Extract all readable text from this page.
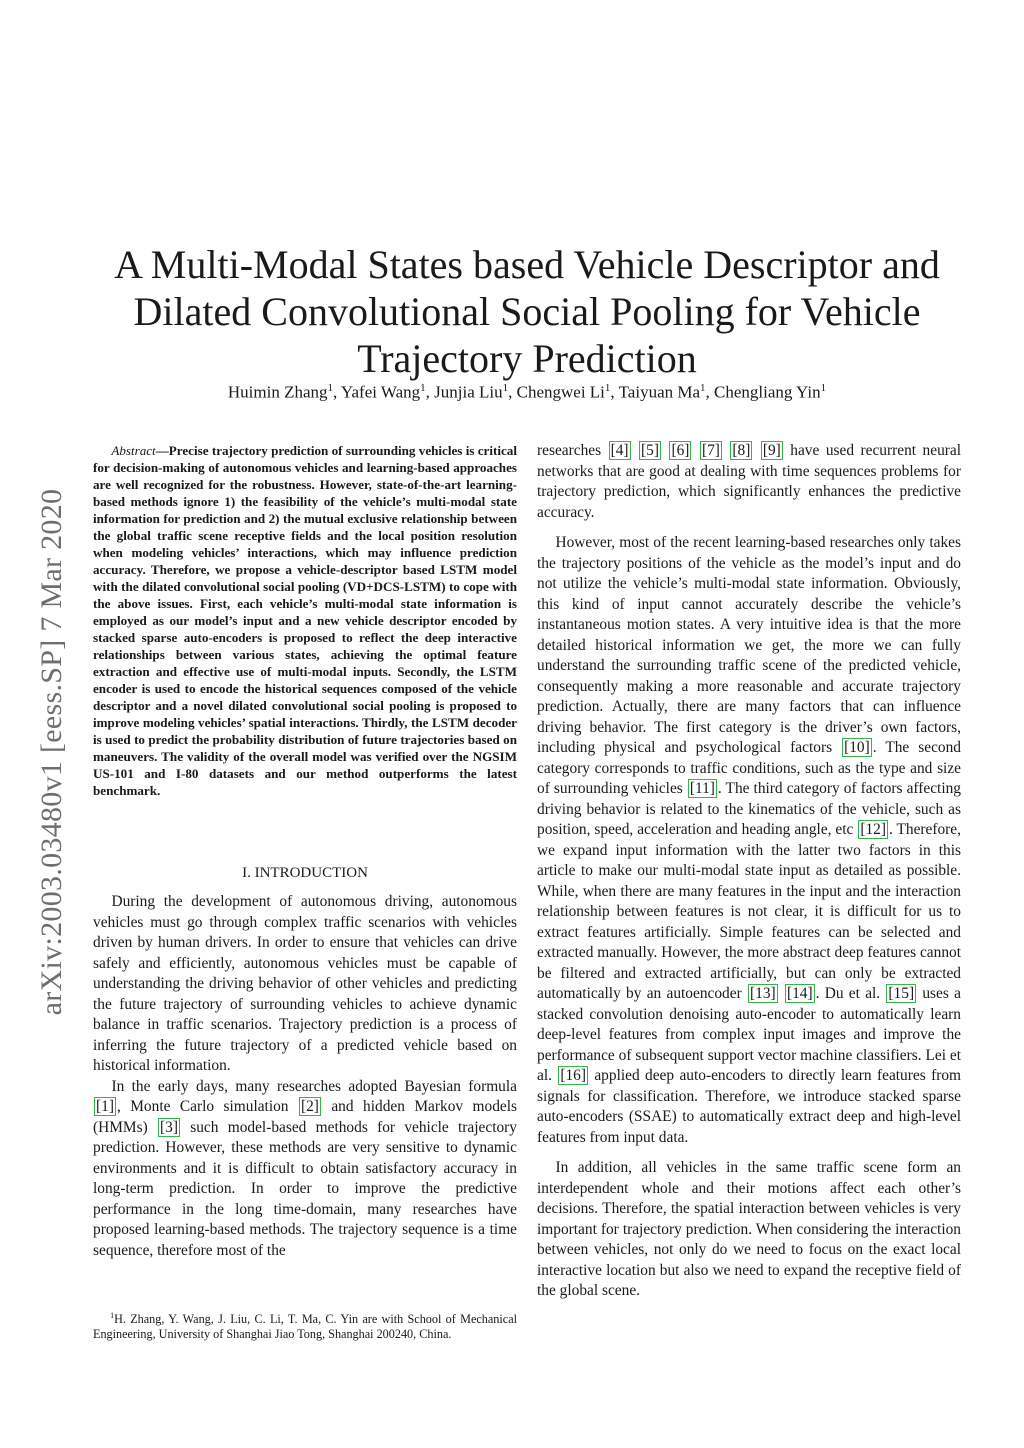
arXiv:2003.03480v1 [eess.SP] 7 Mar 2020
A Multi-Modal States based Vehicle Descriptor and Dilated Convolutional Social Pooling for Vehicle Trajectory Prediction
Huimin Zhang$^1$, Yafei Wang$^1$, Junjia Liu$^1$, Chengwei Li$^1$, Taiyuan Ma$^1$, Chengliang Yin$^1$

Abstract—Precise trajectory prediction of surrounding vehicles is critical for decision-making of autonomous vehicles and learning-based approaches are well recognized for the robustness. However, state-of-the-art learning-based methods ignore 1) the feasibility of the vehicle’s multi-modal state information for prediction and 2) the mutual exclusive relationship between the global traffic scene receptive fields and the local position resolution when modeling vehicles’ interactions, which may influence prediction accuracy. Therefore, we propose a vehicle-descriptor based LSTM model with the dilated convolutional social pooling (VD+DCS-LSTM) to cope with the above issues. First, each vehicle’s multi-modal state information is employed as our model’s input and a new vehicle descriptor encoded by stacked sparse auto-encoders is proposed to reflect the deep interactive relationships between various states, achieving the optimal feature extraction and effective use of multi-modal inputs. Secondly, the LSTM encoder is used to encode the historical sequences composed of the vehicle descriptor and a novel dilated convolutional social pooling is proposed to improve modeling vehicles’ spatial interactions. Thirdly, the LSTM decoder is used to predict the probability distribution of future trajectories based on maneuvers. The validity of the overall model was verified over the NGSIM US-101 and I-80 datasets and our method outperforms the latest benchmark.

I. INTRODUCTION

During the development of autonomous driving, autonomous vehicles must go through complex traffic scenarios with vehicles driven by human drivers. In order to ensure that vehicles can drive safely and efficiently, autonomous vehicles must be capable of understanding the driving behavior of other vehicles and predicting the future trajectory of surrounding vehicles to achieve dynamic balance in traffic scenarios. Trajectory prediction is a process of inferring the future trajectory of a predicted vehicle based on historical information.

In the early days, many researches adopted Bayesian formula [1] , Monte Carlo simulation [2] and hidden Markov models (HMMs) [3] such model-based methods for vehicle trajectory prediction. However, these methods are very sensitive to dynamic environments and it is difficult to obtain satisfactory accuracy in long-term prediction. In order to improve the predictive performance in the long time-domain, many researches have proposed learning-based methods. The trajectory sequence is a time sequence, therefore most of the

$^1$H. Zhang, Y. Wang, J. Liu, C. Li, T. Ma, C. Yin are with School of Mechanical Engineering, University of Shanghai Jiao Tong, Shanghai 200240, China.

researches [4] [5] [6] [7] [8] [9] have used recurrent neural networks that are good at dealing with time sequences problems for trajectory prediction, which significantly enhances the predictive accuracy.

However, most of the recent learning-based researches only takes the trajectory positions of the vehicle as the model’s input and do not utilize the vehicle’s multi-modal state information. Obviously, this kind of input cannot accurately describe the vehicle’s instantaneous motion states. A very intuitive idea is that the more detailed historical information we get, the more we can fully understand the surrounding traffic scene of the predicted vehicle, consequently making a more reasonable and accurate trajectory prediction. Actually, there are many factors that can influence driving behavior. The first category is the driver’s own factors, including physical and psychological factors [10] . The second category corresponds to traffic conditions, such as the type and size of surrounding vehicles [11] . The third category of factors affecting driving behavior is related to the kinematics of the vehicle, such as position, speed, acceleration and heading angle, etc [12] . Therefore, we expand input information with the latter two factors in this article to make our multi-modal state input as detailed as possible. While, when there are many features in the input and the interaction relationship between features is not clear, it is difficult for us to extract features artificially. Simple features can be selected and extracted manually. However, the more abstract deep features cannot be filtered and extracted artificially, but can only be extracted automatically by an autoencoder [13] [14] . Du et al. [15] uses a stacked convolution denoising auto-encoder to automatically learn deep-level features from complex input images and improve the performance of subsequent support vector machine classifiers. Lei et al. [16] applied deep auto-encoders to directly learn features from signals for classification. Therefore, we introduce stacked sparse auto-encoders (SSAE) to automatically extract deep and high-level features from input data.

In addition, all vehicles in the same traffic scene form an interdependent whole and their motions affect each other’s decisions. Therefore, the spatial interaction between vehicles is very important for trajectory prediction. When considering the interaction between vehicles, not only do we need to focus on the exact local interactive location but also we need to expand the receptive field of the global scene.
